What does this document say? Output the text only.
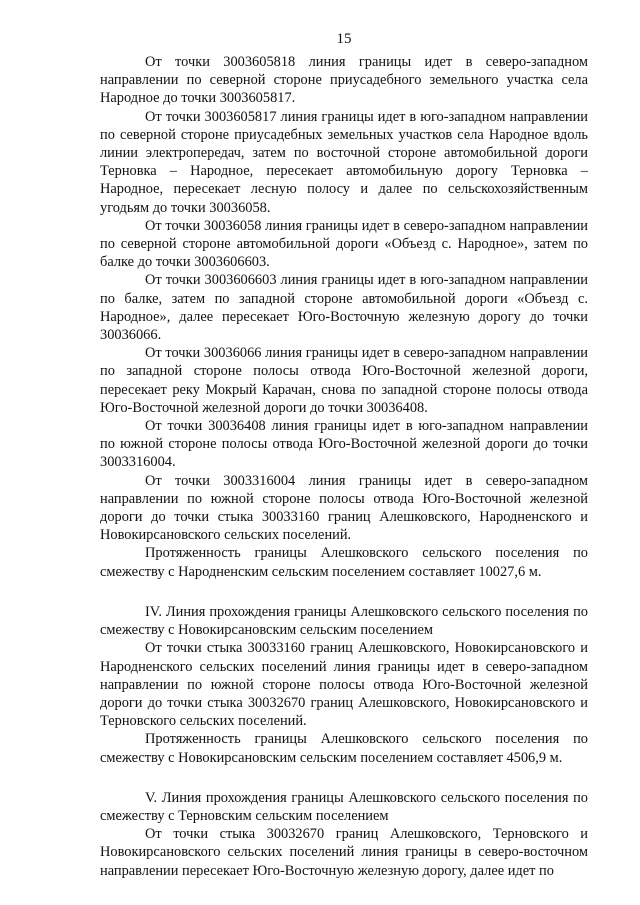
15

От точки 3003605818 линия границы идет в северо-западном направлении по северной стороне приусадебного земельного участка села Народное до точки 3003605817.

От точки 3003605817 линия границы идет в юго-западном направлении по северной стороне приусадебных земельных участков села Народное вдоль линии электропередач, затем по восточной стороне автомобильной дороги Терновка – Народное, пересекает автомобильную дорогу Терновка – Народное, пересекает лесную полосу и далее по сельскохозяйственным угодьям до точки 30036058.

От точки 30036058 линия границы идет в северо-западном направлении по северной стороне автомобильной дороги «Объезд с. Народное», затем по балке до точки 3003606603.

От точки 3003606603 линия границы идет в юго-западном направлении по балке, затем по западной стороне автомобильной дороги «Объезд с. Народное», далее пересекает Юго-Восточную железную дорогу до точки 30036066.

От точки 30036066 линия границы идет в северо-западном направлении по западной стороне полосы отвода Юго-Восточной железной дороги, пересекает реку Мокрый Карачан, снова по западной стороне полосы отвода Юго-Восточной железной дороги до точки 30036408.

От точки 30036408 линия границы идет в юго-западном направлении по южной стороне полосы отвода Юго-Восточной железной дороги до точки 3003316004.

От точки 3003316004 линия границы идет в северо-западном направлении по южной стороне полосы отвода Юго-Восточной железной дороги до точки стыка 30033160 границ Алешковского, Народненского и Новокирсановского сельских поселений.

Протяженность границы Алешковского сельского поселения по смежеству с Народненским сельским поселением составляет 10027,6 м.

IV. Линия прохождения границы Алешковского сельского поселения по смежеству с Новокирсановским сельским поселением

От точки стыка 30033160 границ Алешковского, Новокирсановского и Народненского сельских поселений линия границы идет в северо-западном направлении по южной стороне полосы отвода Юго-Восточной железной дороги до точки стыка 30032670 границ Алешковского, Новокирсановского и Терновского сельских поселений.

Протяженность границы Алешковского сельского поселения по смежеству с Новокирсановским сельским поселением составляет 4506,9 м.

V. Линия прохождения границы Алешковского сельского поселения по смежеству с Терновским сельским поселением

От точки стыка 30032670 границ Алешковского, Терновского и Новокирсановского сельских поселений линия границы в северо-восточном направлении пересекает Юго-Восточную железную дорогу, далее идет по
